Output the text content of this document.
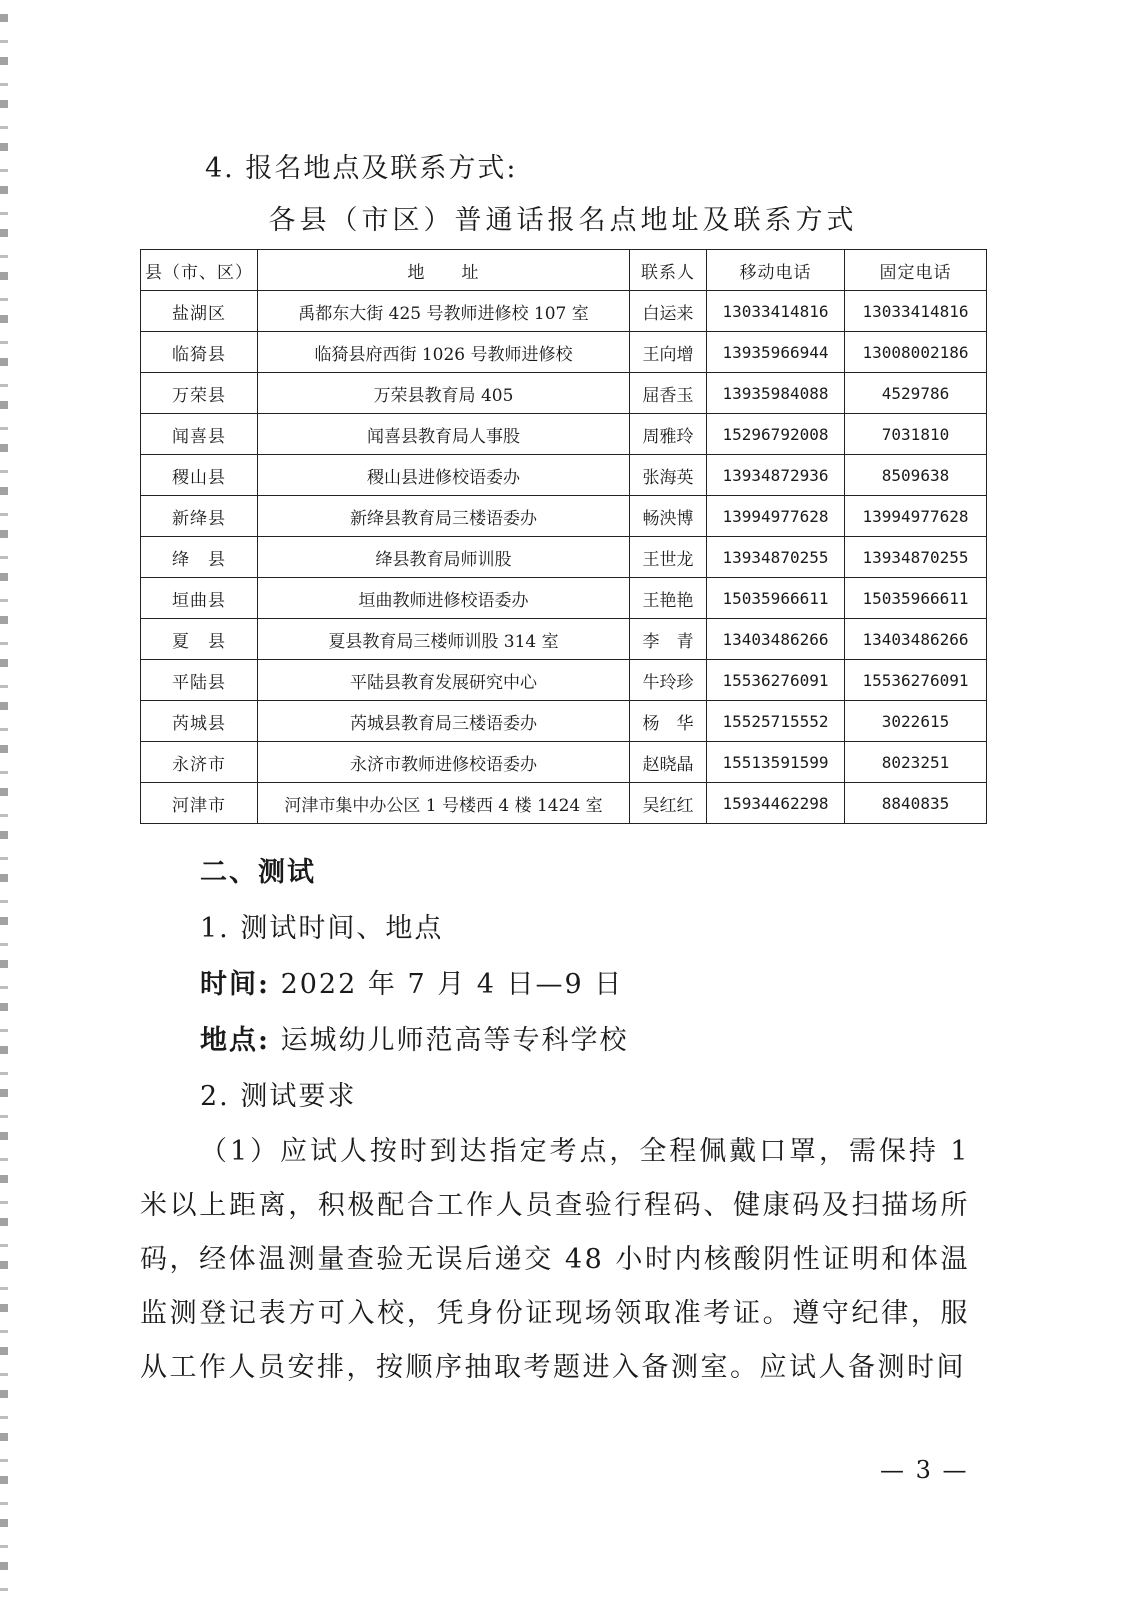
4. 报名地点及联系方式:
各县（市区）普通话报名点地址及联系方式
县（市、区）	地　　址	联系人	移动电话	固定电话
盐湖区	禹都东大街 425 号教师进修校 107 室	白运来	13033414816	13033414816
临猗县	临猗县府西街 1026 号教师进修校	王向增	13935966944	13008002186
万荣县	万荣县教育局 405	屈香玉	13935984088	4529786
闻喜县	闻喜县教育局人事股	周雅玲	15296792008	7031810
稷山县	稷山县进修校语委办	张海英	13934872936	8509638
新绛县	新绛县教育局三楼语委办	畅泱博	13994977628	13994977628
绛　县	绛县教育局师训股	王世龙	13934870255	13934870255
垣曲县	垣曲教师进修校语委办	王艳艳	15035966611	15035966611
夏　县	夏县教育局三楼师训股 314 室	李　青	13403486266	13403486266
平陆县	平陆县教育发展研究中心	牛玲珍	15536276091	15536276091
芮城县	芮城县教育局三楼语委办	杨　华	15525715552	3022615
永济市	永济市教师进修校语委办	赵晓晶	15513591599	8023251
河津市	河津市集中办公区 1 号楼西 4 楼 1424 室	吴红红	15934462298	8840835
二、测试
1. 测试时间、地点
时间: 2022 年 7 月 4 日—9 日
地点: 运城幼儿师范高等专科学校
2. 测试要求
（1）应试人按时到达指定考点，全程佩戴口罩，需保持 1 米以上距离，积极配合工作人员查验行程码、健康码及扫描场所码，经体温测量查验无误后递交 48 小时内核酸阴性证明和体温监测登记表方可入校，凭身份证现场领取准考证。遵守纪律，服从工作人员安排，按顺序抽取考题进入备测室。应试人备测时间
— 3 —
